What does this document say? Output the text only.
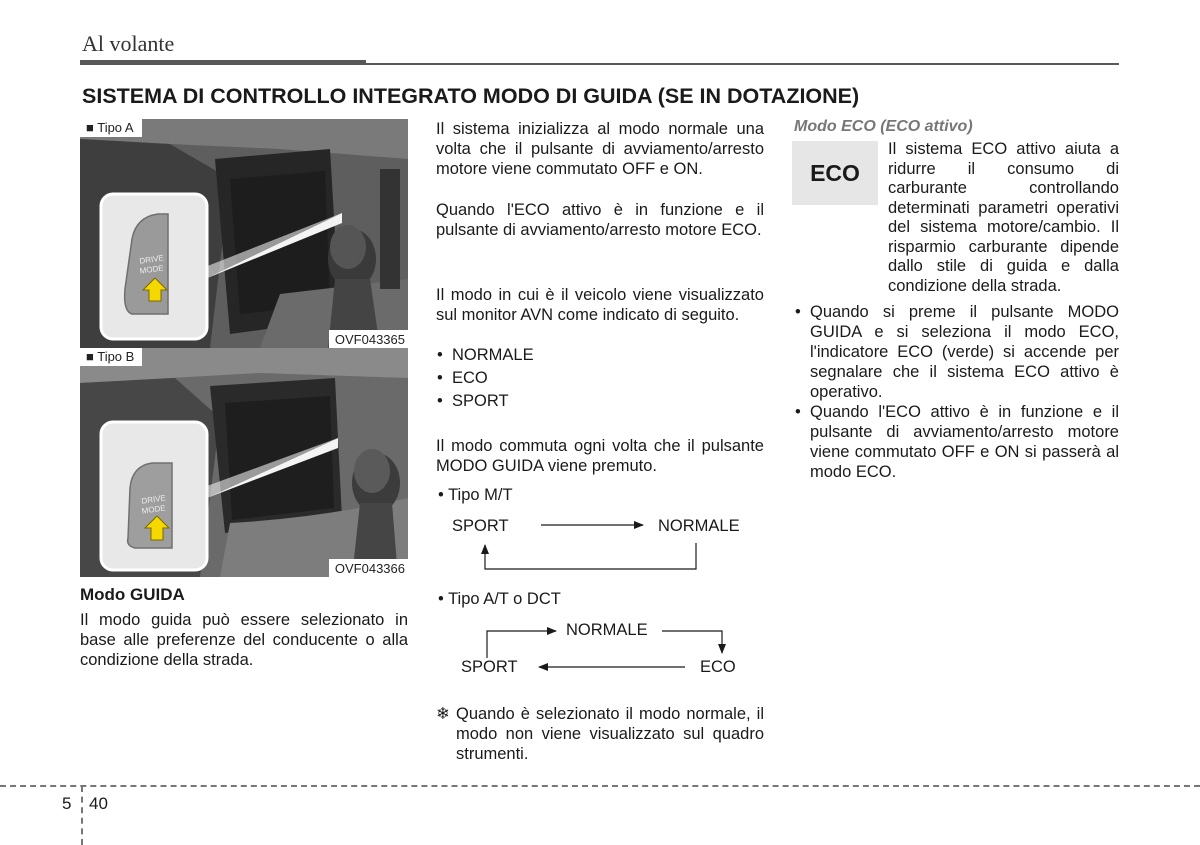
Al volante
SISTEMA DI CONTROLLO INTEGRATO MODO DI GUIDA (SE IN DOTAZIONE)
DRIVE
MODE
■ Tipo A
OVF043365
DRIVE
MODE
■ Tipo B
OVF043366
Modo GUIDA

Il modo guida può essere selezionato in base alle preferenze del conducente o alla condizione della strada.

Il sistema inizializza al modo normale una volta che il pulsante di avviamento/arresto motore viene commutato OFF e ON.

Quando l'ECO attivo è in funzione e il pulsante di avviamento/arresto motore ECO.

Il modo in cui è il veicolo viene visualizzato sul monitor AVN come indicato di seguito.

• NORMALE
• ECO
• SPORT

Il modo commuta ogni volta che il pulsante MODO GUIDA viene premuto.

• Tipo M/T
SPORT	NORMALE
• Tipo A/T o DCT
NORMALE
SPORT	ECO
❄ Quando è selezionato il modo normale, il modo non viene visualizzato sul quadro strumenti.

Modo ECO (ECO attivo)
ECO

Il sistema ECO attivo aiuta a ridurre il consumo di carburante controllando determinati parametri operativi del sistema motore/cambio. Il risparmio carburante dipende dallo stile di guida e dalla condizione della strada.

• Quando si preme il pulsante MODO GUIDA e si seleziona il modo ECO, l'indicatore ECO (verde) si accende per segnalare che il sistema ECO attivo è operativo.

• Quando l'ECO attivo è in funzione e il pulsante di avviamento/arresto motore viene commutato OFF e ON si passerà al modo ECO.

5 40
